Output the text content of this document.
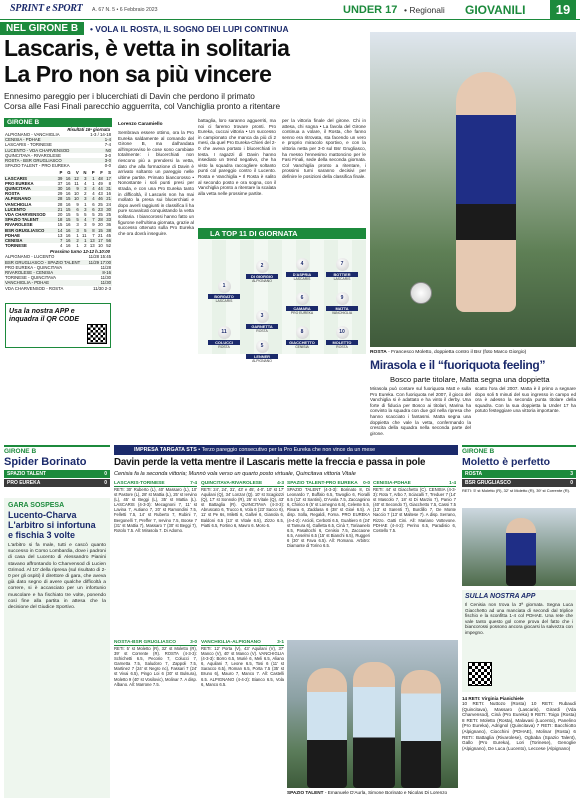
SPRINT e SPORT A. 67 N. 5 • 6 Febbraio 2023	UNDER 17 • Regionali GIOVANILI	19
NEL GIRONE B	• VOLA IL ROSTA, IL SOGNO DEI LUPI CONTINUA
Lascaris, è vetta in solitaria
La Pro non sa più vincere
Ennesimo pareggio per i blucerchiati di Davin che perdono il primato
Corsa alle Fasi Finali parecchio agguerrita, col Vanchiglia pronto a ritentare
GIRONE B
Risultati 16ª giornata
ALPIGNANO - VANCHIGLIA	1-3 / 14-18
CENISIA - PDHAE	1-4
LASCARIS - TORINESE	7-4
LUCENTO - VDA CHARVENSOD	N0
QUINCITAVA - RIVAROLESE	3-0
ROSTA - BSR GRUGLIASCO	3-0
SPAZIO TALENT - PRO EUREKA	0-0
	P	G	V	N	P	F	S
LASCARIS	39	16	12	3	1	48	17
PRO EUREKA	37	16	11	4	1	49	8
QUINCITAVA	30	16	9	3	4	44	31
ROSTA	29	16	10	2	4	43	16
ALPIGNANO	28	15	10	3	4	46	21
VANCHIGLIA	28	16	9	1	6	25	24
LUCENTO	21	15	6	3	6	23	30
VDA CHARVENSOD	20	15	5	5	5	25	25
SPAZIO TALENT	18	15	5	4	7	28	33
RIVAROLESE	15	16	3	3	9	20	36
BSR GRUGLIASCO	14	16	3	5	8	15	38
PDHAE	13	16	1	11	7	21	45
CENISIA	7	16	2	1	13	17	56
TORINESE	4	16	1	2	13	10	52
Prossimo turno 12-12 h.10:00
ALPIGNANO - LUCENTO	11/28 15:45
BSR GRUGLIASCO - SPAZIO TALENT	11/29 17:00
PRO EUREKA - QUINCITAVA	11/28
RIVAROLESE - CENISIA	8-16
TORINESE - QUINCITAVA	11/30
VANCHIGLIA - PDHAE	11/30
VDA CHARVENSOD - ROSTA	11/30 2-3
Usa la nostra APP e
inquadra il QR CODE
Lorenzo Caramiello
Sembrava essere ottimo, ora la Pro Eureka saldamente al comando del Girone B, ma dall'andata all'improvviso le cose sono cambiate totalmente: i blucerchiati non riescono più a prendersi la vetta, dato che alla formazione di Davin è arrivato soltanto un pareggio nelle ultime partite. Primato biancorosso • Nonostante i soli punti presi per strada, e con una Pro Eureka tanto in difficoltà, il Lascaris non ha mai mollato la presa sui blucerchiati e dopo averli raggiunti in classifica li ha pure scavalcati conquistando la vetta solitaria. I biancorossi hanno fatto un figurone nell'ultima giornata, grazie al successo ottenuto sulla Pro Eureka che ora dovrà inseguire.
battaglia, loro saranno agguerriti, ma noi ci faremo trovare pronti. Pro Eureka, cuccai vittoria • Un successo in campionato che manca da più di 2 mesi, da quel Pro Eureka-Chieri del 2-0 che aveva portato i blucerchiati in testa. I ragazzi di Davin hanno insediato un trend negativo, che ha visto la squadra raccogliere soltanto punti col pareggio contro il Lucento. Rosta e Vanchiglia • Il Rosta è salito al secondo posto e ora sogna, con il Vanchiglia pronto a ritentare la scalata alla vetta nelle prossime partite.
per la vittoria finale del girone. Chi in attesa, chi sogna • La favola del Girone continua a volare, il Rosta, che fanno senno era ritrovata, sta facendo un vero e proprio miracolo sportivo, e con la vittoria netta per 3-0 sul Bsr Grugliasco, ha messo l'ennesimo mattoncino per le Fasi Finali, sede della seconda giornata. Col Vanchiglia pronto a ritentare, i prossimi turni saranno decisivi per definire le posizioni della classifica finale.
LA TOP 11 DI GIORNATA
1
BORGATO
LASCARIS
2
DI GIORGIO
ALPIGNANO
3
GARNETTA
ROSTA
5
LENNER
ALPIGNANO
4
D'ASPRIA
LASCARIS
6
CAMARA
PRO EUREKA
8
GIACCHETTO
CENISIA
7
BOTTIER
LASCARIS
9
MATTA
VANCHIGLIA
10
MOLETTO
ROSTA
11
COLUCCI
ROSTA
ROSTA - Francesco Moletto, doppietta contro il Bsr (foto Marco Giorgio)
Mirasola e il “fuoriquota feeling”
Bosco parte titolare, Matta segna una doppietta
Mirasola può contare sul fuoriquota Matt e sulla Pro Eureka. Con fuoriquota nel 2007, il gioco del Vanchiglia si è adattato e ha vinto il derby. Una forte di fiducia per Bosco ai titolari, Marina ha convinto la squadra con due gol nella ripresa che hanno scacciato i fantasmi. Matta segna una doppietta che vale la vetta, confermando la crescita della squadra nella seconda parte del girone.
scatto l'ora del 2007. Matta è il primo a segnare dopo soli 5 minuti del suo ingresso in campo ed ora è adesso la seconda punta titolare della squadra. Con la sua doppietta la Under 17 ha potuto festeggiare una vittoria importante.
GIRONE B
Spider Borinato
SPAZIO TALENT	0
PRO EUREKA	0
GARA SOSPESA
Lucento-Charva
L'arbitro si infortuna
e fischia 3 volte
L'arbitro si fa male, tutti e cascò quanto successo in Corso Lombardia, dove i padroni di casa del Lucento di Alessandro Pianini stavano affrontando lo Charvensod di Lucien Grimod. Al 10' della ripresa (sul risultato di 2-0 per gli ospiti) il direttore di gara, che aveva già dato segno di avere qualche difficoltà a correre, si è accasciato per un infortunio muscolare e ha fischiato tre volte, ponendo così fine alla partita in attesa che la decisione del Giudice Sportivo.
IMPRESA TARGATA STS • Terzo pareggio consecutivo per la Pro Eureka che non vince da un mese
Davin perde la vetta mentre il Lascaris mette la freccia e passa in pole
Cenisia fa la seconda vittoria; Munnò vola verso un quarto posto virtuale, Quincitava vittoria Vitale
LASCARIS-TORINESE	7-4
RETI: 30' Ruberto (L), 40' Massaro (L), 10' st Pastore (L), 28' st Mattia (L), 25' st Iervino (L), 45' st Beggi (L), 35' st Mattia (L). LASCARIS (4-3-3): Mecagnoni 7, 11' st Lavina 7, Autiano 7, 20' st Ramondini 7.5, Felletti 7.5, 14' st Ruberto 7, Rubini 7, Bergonelli 7, Preffer 7, Iervino 7.5, Boose 7 (31' st Mattia 7), Massaro 7 (30' st Beggi 7), Rotolo 7.5. All: Mirasola 7. Di Adomo.
QUINCITAVA-RIVAROLESE	4-3
RETI: 24', 24', 31', 43' e 45', 4-0'. 10' st 17' Aquilani (Q), 34' Lonzar (Q). 10' st Scagiozzi (Q), 17' st Sonnolo (R), 25' st Vitale (Q), 43' st Battaglia (R). QUINCITAVA (4-3-3): Abruscato 6, Trucco 6, Vola 6 (23' Sacco 6), 11' st Pe 6s, Miletti 6, Gallvé 6, Gianola 6, Baldoni 6.5 (13' st Vitale 6.5), Zizzo 6.5, Piatti 6.5, Fortino 6, Mavro 6. Moro 6.
SPAZIO TALENT-PRO EUREKA 0-0
SPAZIO TALENT (4-3-3): Borinato 8, Di Leonardo 7, Buffalo 6.5, Tavoglio 6, Fioralli 6.5 (12' st Santini), D'Avola 7.5, Zaccagnino 6, Chirico 6 (5' st Lomegno 6.5), Celeste 5.5, Rivara 6, Zaddasa 6 (38' st Gioé 6.5). A disp. Solla, Regaldi, Forna. PRO EUREKA (4-4-2): Arcioli, Cerbotti 6.5, Gualtiero 6 (24' st Tamura 6), Galletta 6.5, Cinà 7, Toriaanelo 6.5, Pasaltochi 6, Cenisio 7.5, Zaccaone 6.5, Anselmi 6.5 (15' st Bianchi 6.5), Ruggeri 6 (30' st Fava 6.5). All: Romano. Arbitro: Diamante di Torino 6.5.
CENISIA-PDHAE	1-4
RETI: 44' st Giacchetto (C). CENISIA (4-3-3): Rota 7, Arbo 7, Sciacalli 7, Treduer 7 (14' st Mascolo 7, 18' st Di Marzio 7), Panio 7 (40' st Secondo 7), Giacchetto 7.5, Cassi 7.5 (13' st Sarenti 7), Burdillo 7, De Monte Naccio 7 (13' st Maltese 7). A disp. Serrano, Rizzo. Gatti Cini. All: Mariano Vottevone. PDHAE (4-4-2): Perino 6.5, Paradisio 6, Costello 7.5.
NOSTA-BSR GRUGLIASCO	3-0
RETI: 5' st Moletto (R), 32' st Moletto (R), 39' st Corrente (R). ROSTA (4-3-3): Schichetti 6.5, Pecorio 7, Colucci 7, Garnetta 7.5, Saludoro 7, Zappoli 7.5, Martinez 7 (24' st Negro nc), Fassari 7 (24' st Vivai 6.5), Pingo Loi 6 (30' st Bulsura), Moletto 9 (40' st Vosilovic), Molinar 7. A disp. Albano. All: Marrone 7.5.
VANCHIGLIA-ALPIGNANO	3-1
RETI: 12' Porta (V), 43' Aquilani (V), 37' Manco (V), 40' st Manco (V). VANCHIGLIA (4-3-3): Borro 6.5, Muriè 6, Meli 6.5, Aliano 6, Aquilani 7, Leone 6.5, Tosi 6 (11' st Saracco 6.5), Roman 6.5, Porta 7.5 (35' st Bruno 6), Mauro 7, Manco 7. All: Castelli 6.5. ALPIGNANO (4-4-2): Bianco 6.5, Vola 6, Manco 6.5.
SPAZIO TALENT - Emanuele D'Aurla, Simone Borinato e Nicolas Di Lorenzo
GIRONE B
Moletto è perfetto
ROSTA	3
BSR GRUGLIASCO	0
RETI: 5' st Moletto (R), 32' st Moletto (R), 39' st Corrente (R).
SULLA NOSTRA APP
Il Cenisia non trova la 3ª giornata. Segna Luca Giacchetto ad una manciata di secondi dal triplice fischio e la sconfitta 1-4 col PDHAE. Una rete che vale tanto questo gol come prova del fatto che i biancorossi possono ancora giocarsi la salvezza con impegno.
14 RETI: Virginia Pianichiele
10 RETI: Nuttozo (Rosta) 10 RETI: Rubaudi (Quincitava), Massaro (Lascaris), Girardi (Vda Charvensod), Cinà (Pro Eureka) 9 RETI: Toigo (Rosta) 8 RETI: Moletto (Rosta), Malavasi (Lucento), Panelino (Pro Eureka), Adrignol (Quincitava) 7 RETI: Bacchiotto (Alpignano), Ciocchini (PDHAE), Molinar (Rosta) 6 RETI: Battaglia (Rivarolese), Ogbaba (Spazio Talent), Gallo (Pro Eureka), Lori (Torinese), Genoglie (Alpignano), De Luca (Lucento), Leccese (Alpignano)
